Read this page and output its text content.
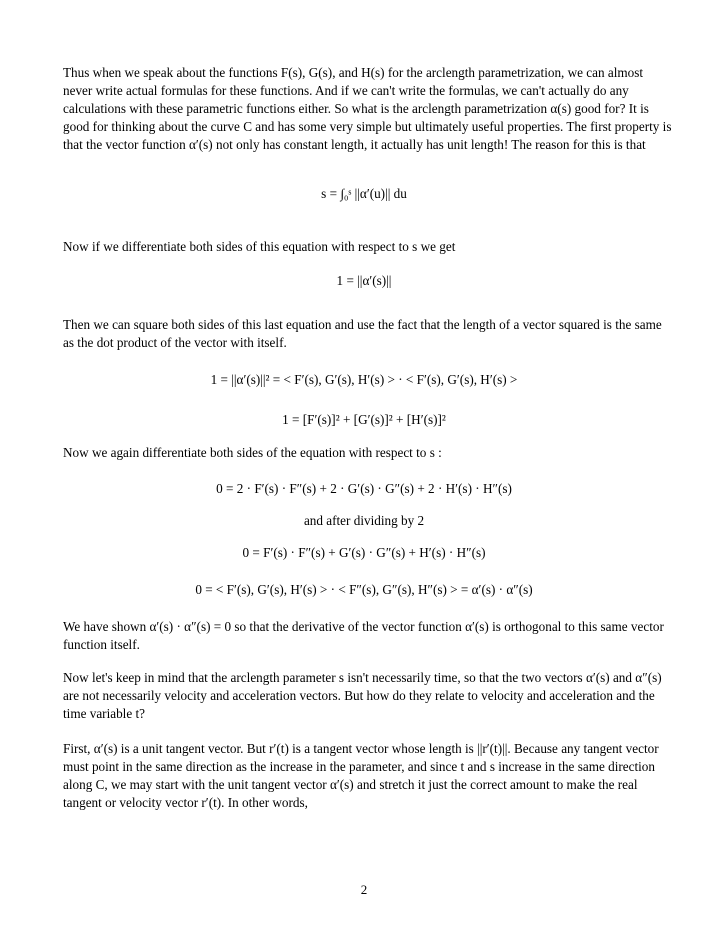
Thus when we speak about the functions F(s), G(s), and H(s) for the arclength parametrization, we can almost never write actual formulas for these functions. And if we can't write the formulas, we can't actually do any calculations with these parametric functions either. So what is the arclength parametrization α(s) good for? It is good for thinking about the curve C and has some very simple but ultimately useful properties. The first property is that the vector function α′(s) not only has constant length, it actually has unit length! The reason for this is that
s = ∫₀ˢ ||α′(u)|| du
Now if we differentiate both sides of this equation with respect to s we get
1 = ||α′(s)||
Then we can square both sides of this last equation and use the fact that the length of a vector squared is the same as the dot product of the vector with itself.
1 = ||α′(s)||² = < F′(s), G′(s), H′(s) > · < F′(s), G′(s), H′(s) >
1 = [F′(s)]² + [G′(s)]² + [H′(s)]²
Now we again differentiate both sides of the equation with respect to s :
0 = 2 · F′(s) · F″(s) + 2 · G′(s) · G″(s) + 2 · H′(s) · H″(s)
and after dividing by 2
0 = F′(s) · F″(s) + G′(s) · G″(s) + H′(s) · H″(s)
0 = < F′(s), G′(s), H′(s) > · < F″(s), G″(s), H″(s) > = α′(s) · α″(s)
We have shown α′(s) · α″(s) = 0 so that the derivative of the vector function α′(s) is orthogonal to this same vector function itself.
Now let's keep in mind that the arclength parameter s isn't necessarily time, so that the two vectors α′(s) and α″(s) are not necessarily velocity and acceleration vectors. But how do they relate to velocity and acceleration and the time variable t?
First, α′(s) is a unit tangent vector. But r′(t) is a tangent vector whose length is ||r′(t)||. Because any tangent vector must point in the same direction as the increase in the parameter, and since t and s increase in the same direction along C, we may start with the unit tangent vector α′(s) and stretch it just the correct amount to make the real tangent or velocity vector r′(t). In other words,
2
